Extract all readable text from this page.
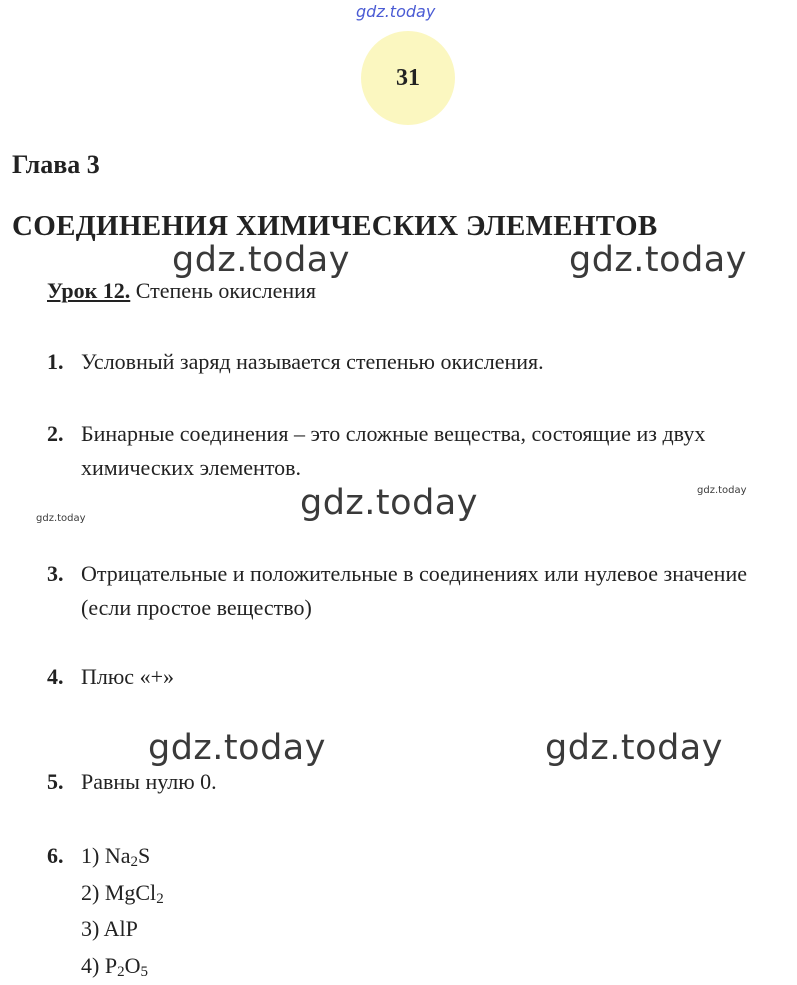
gdz.today
gdz.today	gdz.today
gdz.today
gdz.today	gdz.today
gdz.today
gdz.today
31
Глава 3
СОЕДИНЕНИЯ ХИМИЧЕСКИХ ЭЛЕМЕНТОВ
Урок 12. Степень окисления
1. Условный заряд называется степенью окисления.
2. Бинарные соединения – это сложные вещества, состоящие из двух химических элементов.
3. Отрицательные и положительные в соединениях или нулевое значение (если простое вещество)
4. Плюс «+»
5. Равны нулю 0.
6. 1) $Na_2S$
2) MgCl$_2$
3) AlP
4) $P_2O_5$
